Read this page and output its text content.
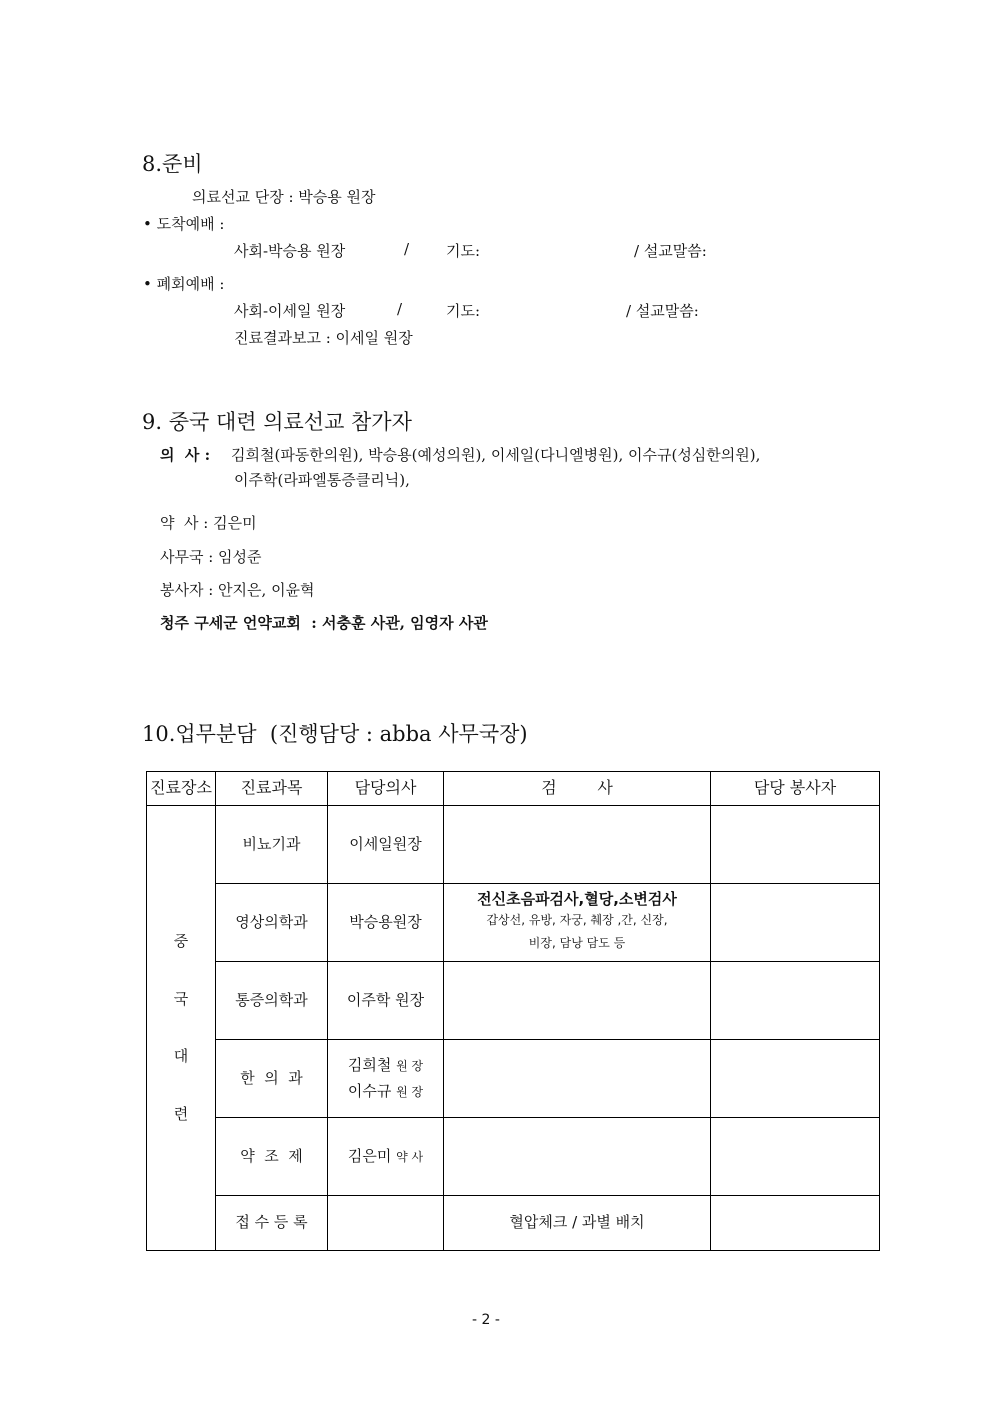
8.준비
의료선교 단장 : 박승용 원장
• 도착예배 :
사회-박승용 원장	/ 기도:	/ 설교말씀:
• 폐회예배 :
사회-이세일 원장	/	기도:	/ 설교말씀:
진료결과보고 : 이세일 원장
9. 중국 대련 의료선교 참가자
의  사 : 김희철(파동한의원), 박승용(예성의원), 이세일(다니엘병원), 이수규(성심한의원),
이주학(라파엘통증클리닉),
약  사 : 김은미
사무국 : 임성준
봉사자 : 안지은, 이윤혁
청주 구세군 언약교회  : 서충훈 사관, 임영자 사관
10.업무분담  (진행담당 : abba 사무국장)
진료장소	진료과목	담당의사	검        사	담당 봉사자

중
국
대
련	비뇨기과	이세일원장		
	영상의학과	박승용원장	전신초음파검사,혈당,소변검사
갑상선, 유방, 자궁, 췌장 ,간, 신장,
비장, 담낭 담도 등	

	통증의학과	이주학 원장		
	한  의  과	김희철 원 장
이수규 원 장		

	약  조  제	김은미 약 사		
	접 수 등 록		혈압체크 / 과별 배치	
- 2 -
